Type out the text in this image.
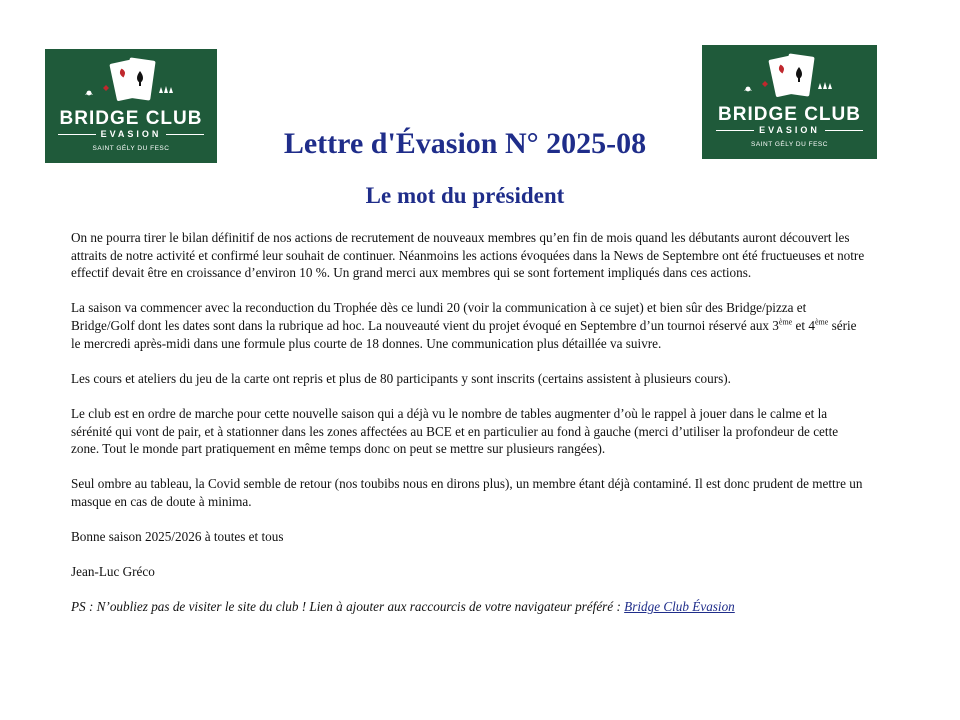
BRIDGE CLUB
EVASION
SAINT GÉLY DU FESC
BRIDGE CLUB
EVASION
SAINT GÉLY DU FESC
Lettre d'Évasion N° 2025-08
Le mot du président

On ne pourra tirer le bilan définitif de nos actions de recrutement de nouveaux membres qu’en fin de mois quand les débutants auront découvert les attraits de notre activité et confirmé leur souhait de continuer. Néanmoins les actions évoquées dans la News de Septembre ont été fructueuses et notre effectif devait être en croissance d’environ 10 %. Un grand merci aux membres qui se sont fortement impliqués dans ces actions.

La saison va commencer avec la reconduction du Trophée dès ce lundi 20 (voir la communication à ce sujet) et bien sûr des Bridge/pizza et Bridge/Golf dont les dates sont dans la rubrique ad hoc. La nouveauté vient du projet évoqué en Septembre d’un tournoi réservé aux 3ème et 4ème série le mercredi après-midi dans une formule plus courte de 18 donnes. Une communication plus détaillée va suivre.

Les cours et ateliers du jeu de la carte ont repris et plus de 80 participants y sont inscrits (certains assistent à plusieurs cours).

Le club est en ordre de marche pour cette nouvelle saison qui a déjà vu le nombre de tables augmenter d’où le rappel à jouer dans le calme et la sérénité qui vont de pair, et à stationner dans les zones affectées au BCE et en particulier au fond à gauche (merci d’utiliser la profondeur de cette zone. Tout le monde part pratiquement en même temps donc on peut se mettre sur plusieurs rangées).

Seul ombre au tableau, la Covid semble de retour (nos toubibs nous en dirons plus), un membre étant déjà contaminé. Il est donc prudent de mettre un masque en cas de doute à minima.

Bonne saison 2025/2026 à toutes et tous

Jean-Luc Gréco

PS : N’oubliez pas de visiter le site du club ! Lien à ajouter aux raccourcis de votre navigateur préféré : Bridge Club Évasion
